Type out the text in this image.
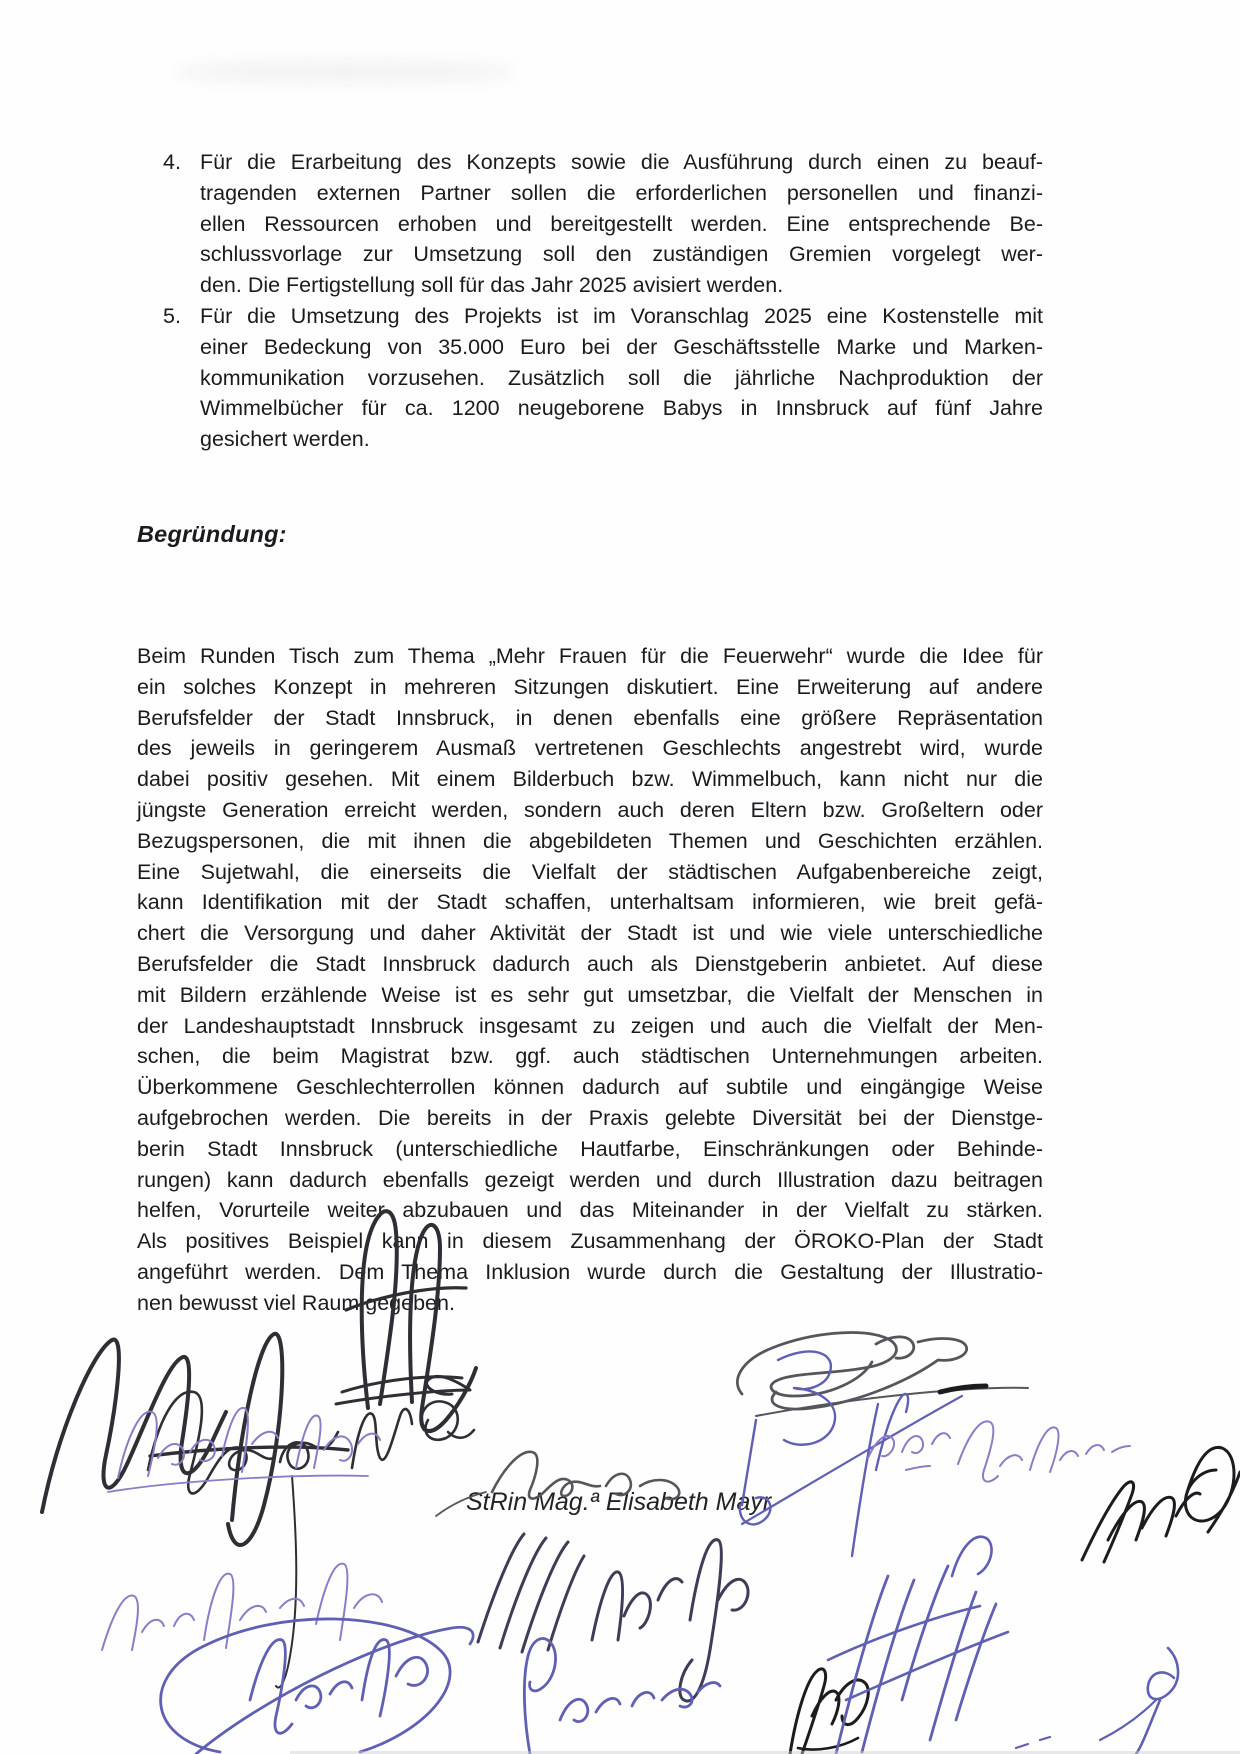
4. Für die Erarbeitung des Konzepts sowie die Ausführung durch einen zu beauf-
tragenden externen Partner sollen die erforderlichen personellen und finanzi-
ellen Ressourcen erhoben und bereitgestellt werden. Eine entsprechende Be-
schlussvorlage zur Umsetzung soll den zuständigen Gremien vorgelegt wer-
den. Die Fertigstellung soll für das Jahr 2025 avisiert werden.
5. Für die Umsetzung des Projekts ist im Voranschlag 2025 eine Kostenstelle mit
einer Bedeckung von 35.000 Euro bei der Geschäftsstelle Marke und Marken-
kommunikation vorzusehen. Zusätzlich soll die jährliche Nachproduktion der
Wimmelbücher für ca. 1200 neugeborene Babys in Innsbruck auf fünf Jahre
gesichert werden.
Begründung:
Beim Runden Tisch zum Thema „Mehr Frauen für die Feuerwehr“ wurde die Idee für
ein solches Konzept in mehreren Sitzungen diskutiert. Eine Erweiterung auf andere
Berufsfelder der Stadt Innsbruck, in denen ebenfalls eine größere Repräsentation
des jeweils in geringerem Ausmaß vertretenen Geschlechts angestrebt wird, wurde
dabei positiv gesehen. Mit einem Bilderbuch bzw. Wimmelbuch, kann nicht nur die
jüngste Generation erreicht werden, sondern auch deren Eltern bzw. Großeltern oder
Bezugspersonen, die mit ihnen die abgebildeten Themen und Geschichten erzählen.
Eine Sujetwahl, die einerseits die Vielfalt der städtischen Aufgabenbereiche zeigt,
kann Identifikation mit der Stadt schaffen, unterhaltsam informieren, wie breit gefä-
chert die Versorgung und daher Aktivität der Stadt ist und wie viele unterschiedliche
Berufsfelder die Stadt Innsbruck dadurch auch als Dienstgeberin anbietet. Auf diese
mit Bildern erzählende Weise ist es sehr gut umsetzbar, die Vielfalt der Menschen in
der Landeshauptstadt Innsbruck insgesamt zu zeigen und auch die Vielfalt der Men-
schen, die beim Magistrat bzw. ggf. auch städtischen Unternehmungen arbeiten.
Überkommene Geschlechterrollen können dadurch auf subtile und eingängige Weise
aufgebrochen werden. Die bereits in der Praxis gelebte Diversität bei der Dienstge-
berin Stadt Innsbruck (unterschiedliche Hautfarbe, Einschränkungen oder Behinde-
rungen) kann dadurch ebenfalls gezeigt werden und durch Illustration dazu beitragen
helfen, Vorurteile weiter abzubauen und das Miteinander in der Vielfalt zu stärken.
Als positives Beispiel kann in diesem Zusammenhang der ÖROKO-Plan der Stadt
angeführt werden. Dem Thema Inklusion wurde durch die Gestaltung der Illustratio-
nen bewusst viel Raum gegeben.
StRin Mag.ª Elisabeth Mayr
